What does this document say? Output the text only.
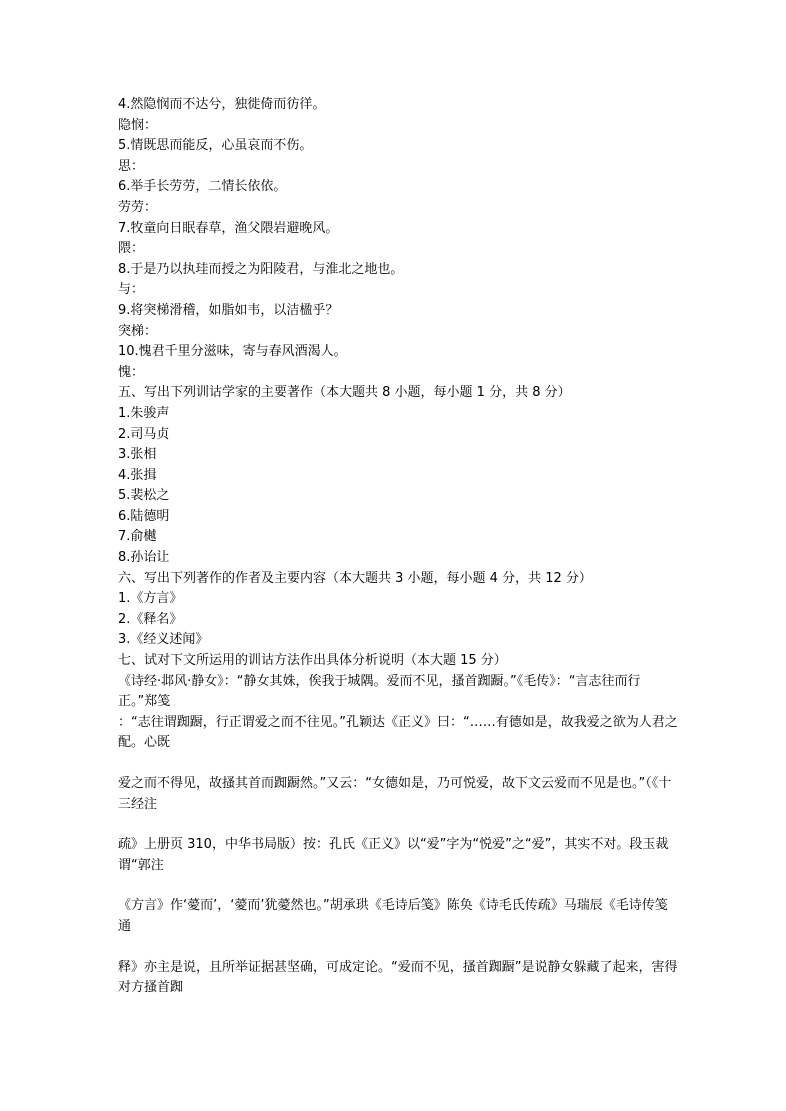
4.然隐悯而不达兮，独徙倚而彷徉。
隐悯：
5.情既思而能反，心虽哀而不伤。
思：
6.举手长劳劳，二情长依依。
劳劳：
7.牧童向日眠春草，渔父隈岩避晚风。
隈：
8.于是乃以执珪而授之为阳陵君，与淮北之地也。
与：
9.将突梯滑稽，如脂如韦，以洁楹乎？
突梯：
10.愧君千里分滋味，寄与春风酒渴人。
愧：
五、写出下列训诂学家的主要著作（本大题共 8 小题，每小题 1 分，共 8 分）
1.朱骏声
2.司马贞
3.张相
4.张揖
5.裴松之
6.陆德明
7.俞樾
8.孙诒让
六、写出下列著作的作者及主要内容（本大题共 3 小题，每小题 4 分，共 12 分）
1.《方言》
2.《释名》
3.《经义述闻》
七、试对下文所运用的训诂方法作出具体分析说明（本大题 15 分）
《诗经·邶风·静女》：“静女其姝，俟我于城隅。爱而不见，搔首踟蹰。”《毛传》：“言志往而行正。”郑笺
：“志往谓踟蹰，行正谓爱之而不往见。”孔颖达《正义》曰：“……有德如是，故我爱之欲为人君之配。心既
爱之而不得见，故搔其首而踟蹰然。”又云：“女德如是，乃可悦爱，故下文云爱而不见是也。”（《十三经注
疏》上册页 310，中华书局版）按：孔氏《正义》以“爱”字为“悦爱”之“爱”，其实不对。段玉裁谓“郭注
《方言》作‘薆而’，‘薆而’犹薆然也。”胡承珙《毛诗后笺》陈奂《诗毛氏传疏》马瑞辰《毛诗传笺通
释》亦主是说，且所举证据甚坚确，可成定论。“爱而不见，搔首踟蹰”是说静女躲藏了起来，害得对方搔首踟
